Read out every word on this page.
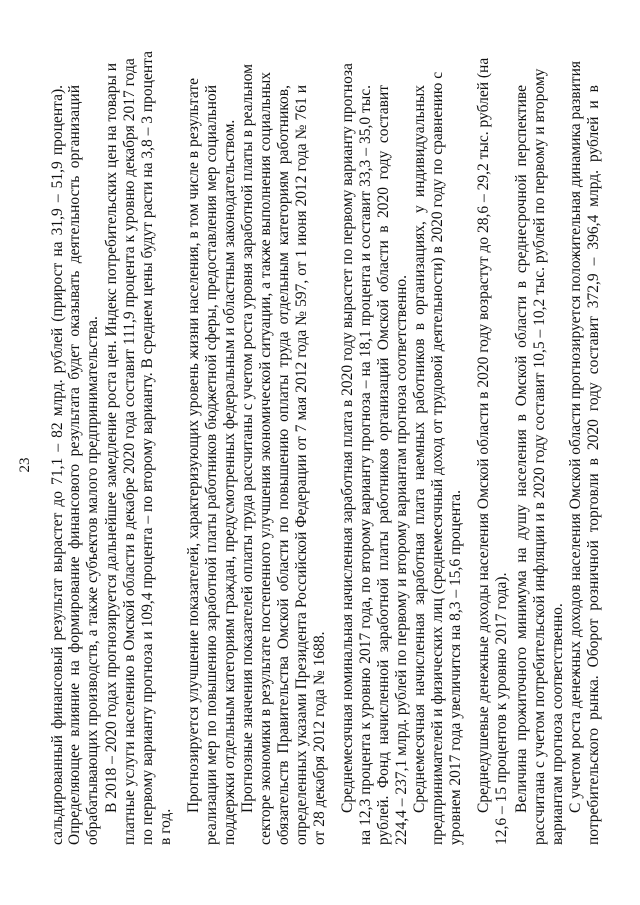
23 сальдированный финансовый результат вырастет до 71,1 – 82 млрд. рублей (прирост на 31,9 – 51,9 процента). Определяющее влияние на формирование финансового результата будет оказывать деятельность организаций обрабатывающих производств, а также субъектов малого предпринимательства. В 2018 – 2020 годах прогнозируется дальнейшее замедление роста цен. Индекс потребительских цен на товары и платные услуги населению в Омской области в декабре 2020 года составит 111,9 процента к уровню декабря 2017 года по первому варианту прогноза и 109,4 процента – по второму варианту. В среднем цены будут расти на 3,8 – 3 процента в год.
Прогнозируется улучшение показателей, характеризующих уровень жизни населения, в том числе в результате реализации мер по повышению заработной платы работников бюджетной сферы, предоставления мер социальной поддержки отдельным категориям граждан, предусмотренных федеральным и областным законодательством. Прогнозные значения показателей оплаты труда рассчитаны с учетом роста уровня заработной платы в реальном секторе экономики в результате постепенного улучшения экономической ситуации, а также выполнения социальных обязательств Правительства Омской области по повышению оплаты труда отдельным категориям работников, определенных указами Президента Российской Федерации от 7 мая 2012 года № 597, от 1 июня 2012 года № 761 и от 28 декабря 2012 года № 1688. Среднемесячная номинальная начисленная заработная плата в 2020 году вырастет по первому варианту прогноза на 12,3 процента к уровню 2017 года, по второму варианту прогноза – на 18,1 процента и составит 33,3 – 35,0 тыс. рублей. Фонд начисленной заработной платы работников организаций Омской области в 2020 году составит 224,4 – 237,1 млрд. рублей по первому и второму вариантам прогноза соответственно. Среднемесячная начисленная заработная плата наемных работников в организациях, у индивидуальных предпринимателей и физических лиц (среднемесячный доход от трудовой деятельности) в 2020 году по сравнению с уровнем 2017 года увеличится на 8,3 – 15,6 процента. Среднедушевые денежные доходы населения Омской области в 2020 году возрастут до 28,6 – 29,2 тыс. рублей (на 12,6 – 15 процентов к уровню 2017 года). Величина прожиточного минимума на душу населения в Омской области в среднесрочной перспективе рассчитана с учетом потребительской инфляции и в 2020 году составит 10,5 – 10,2 тыс. рублей по первому и второму вариантам прогноза соответственно. С учетом роста денежных доходов населения Омской области прогнозируется положительная динамика развития потребительского рынка. Оборот розничной торговли в 2020 году составит 372,9 – 396,4 млрд. рублей и в
